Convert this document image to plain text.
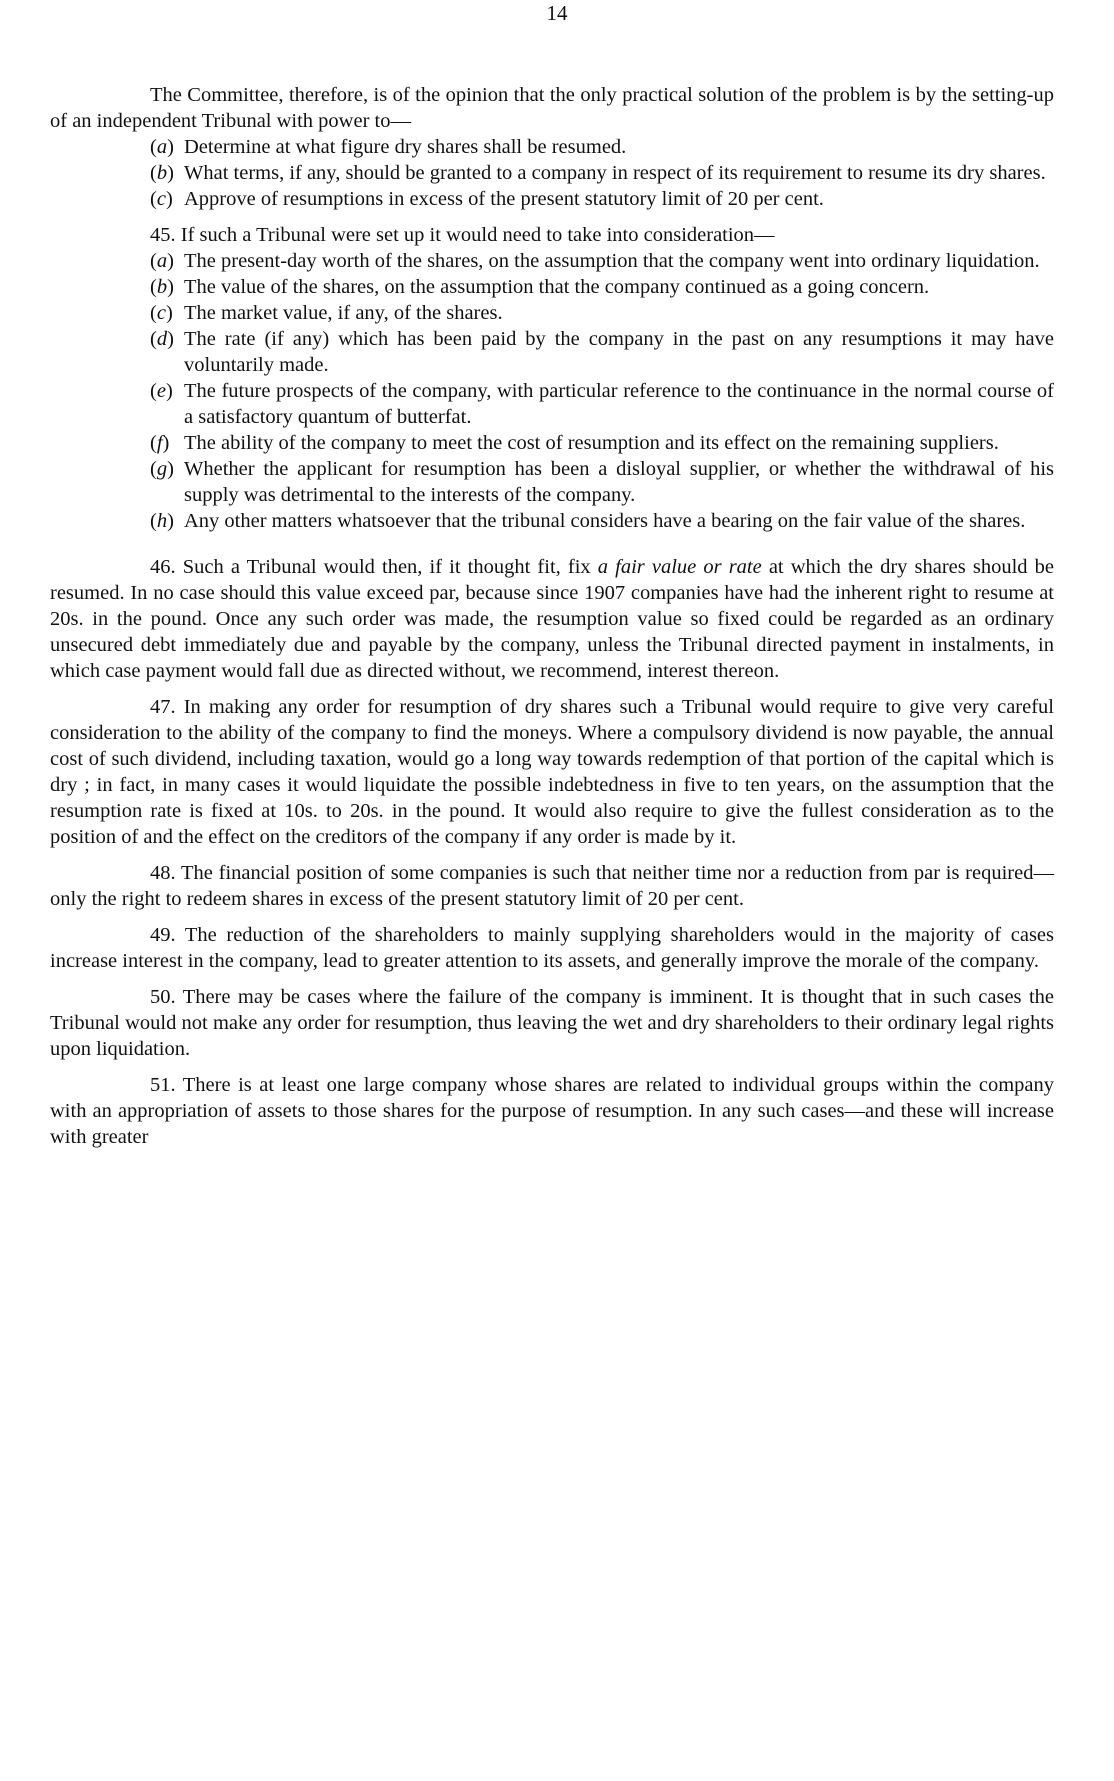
14

The Committee, therefore, is of the opinion that the only practical solution of the problem is by the setting-up of an independent Tribunal with power to—

(a) Determine at what figure dry shares shall be resumed.
(b) What terms, if any, should be granted to a company in respect of its requirement to resume its dry shares.
(c) Approve of resumptions in excess of the present statutory limit of 20 per cent.

45. If such a Tribunal were set up it would need to take into consideration—

(a) The present-day worth of the shares, on the assumption that the company went into ordinary liquidation.
(b) The value of the shares, on the assumption that the company continued as a going concern.
(c) The market value, if any, of the shares.
(d) The rate (if any) which has been paid by the company in the past on any resumptions it may have voluntarily made.
(e) The future prospects of the company, with particular reference to the continuance in the normal course of a satisfactory quantum of butterfat.
(f) The ability of the company to meet the cost of resumption and its effect on the remaining suppliers.
(g) Whether the applicant for resumption has been a disloyal supplier, or whether the withdrawal of his supply was detrimental to the interests of the company.
(h) Any other matters whatsoever that the tribunal considers have a bearing on the fair value of the shares.

46. Such a Tribunal would then, if it thought fit, fix a fair value or rate at which the dry shares should be resumed. In no case should this value exceed par, because since 1907 companies have had the inherent right to resume at 20s. in the pound. Once any such order was made, the resumption value so fixed could be regarded as an ordinary unsecured debt immediately due and payable by the company, unless the Tribunal directed payment in instalments, in which case payment would fall due as directed without, we recommend, interest thereon.

47. In making any order for resumption of dry shares such a Tribunal would require to give very careful consideration to the ability of the company to find the moneys. Where a compulsory dividend is now payable, the annual cost of such dividend, including taxation, would go a long way towards redemption of that portion of the capital which is dry ; in fact, in many cases it would liquidate the possible indebtedness in five to ten years, on the assumption that the resumption rate is fixed at 10s. to 20s. in the pound. It would also require to give the fullest consideration as to the position of and the effect on the creditors of the company if any order is made by it.

48. The financial position of some companies is such that neither time nor a reduction from par is required—only the right to redeem shares in excess of the present statutory limit of 20 per cent.

49. The reduction of the shareholders to mainly supplying shareholders would in the majority of cases increase interest in the company, lead to greater attention to its assets, and generally improve the morale of the company.

50. There may be cases where the failure of the company is imminent. It is thought that in such cases the Tribunal would not make any order for resumption, thus leaving the wet and dry shareholders to their ordinary legal rights upon liquidation.

51. There is at least one large company whose shares are related to individual groups within the company with an appropriation of assets to those shares for the purpose of resumption. In any such cases—and these will increase with greater
